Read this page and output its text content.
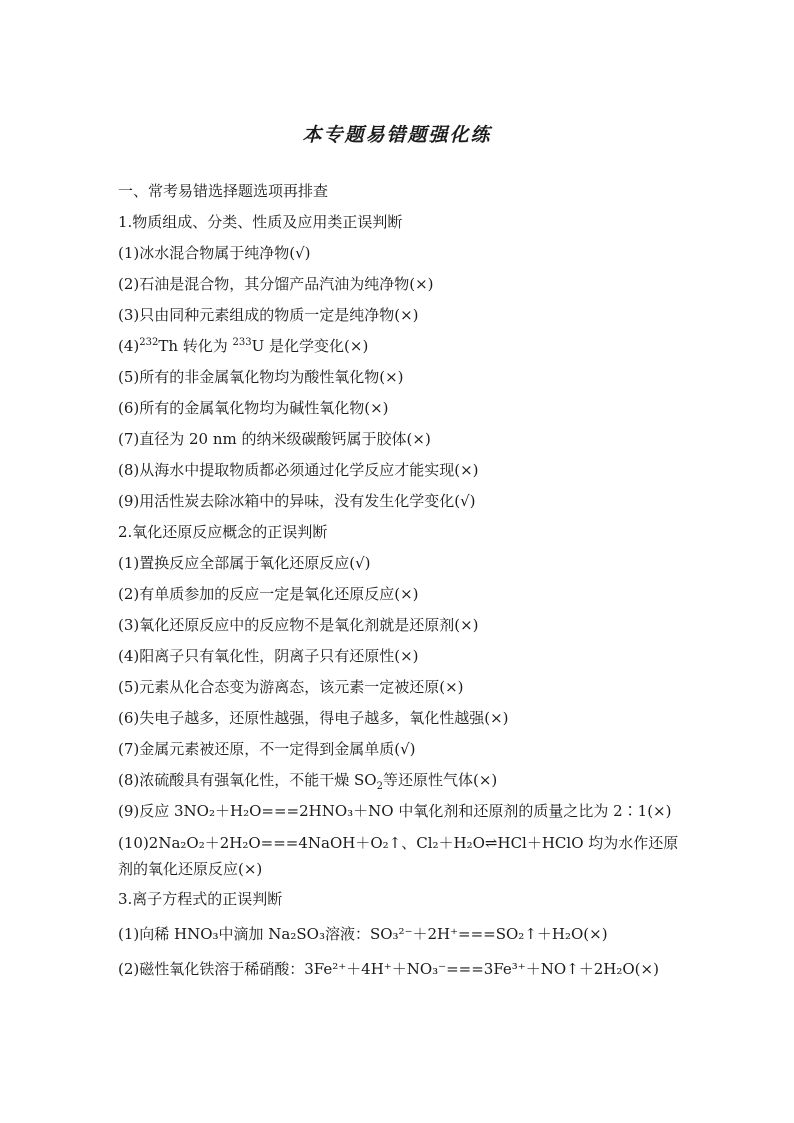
本专题易错题强化练

一、常考易错选择题选项再排查

1.物质组成、分类、性质及应用类正误判断

(1)冰水混合物属于纯净物(√)

(2)石油是混合物，其分馏产品汽油为纯净物(×)

(3)只由同种元素组成的物质一定是纯净物(×)

$(4)^{232}Th$ 转化为 $^{233}$U 是化学变化(×)

(5)所有的非金属氧化物均为酸性氧化物(×)

(6)所有的金属氧化物均为碱性氧化物(×)

(7)直径为 20 nm 的纳米级碳酸钙属于胶体(×)

(8)从海水中提取物质都必须通过化学反应才能实现(×)

(9)用活性炭去除冰箱中的异味，没有发生化学变化(√)

2.氧化还原反应概念的正误判断

(1)置换反应全部属于氧化还原反应(√)

(2)有单质参加的反应一定是氧化还原反应(×)

(3)氧化还原反应中的反应物不是氧化剂就是还原剂(×)

(4)阳离子只有氧化性，阴离子只有还原性(×)

(5)元素从化合态变为游离态，该元素一定被还原(×)

(6)失电子越多，还原性越强，得电子越多，氧化性越强(×)

(7)金属元素被还原，不一定得到金属单质(√)

(8)浓硫酸具有强氧化性，不能干燥 $SO_2$等还原性气体(×)

(9)反应 3NO₂＋H₂O===2HNO₃＋NO 中氧化剂和还原剂的质量之比为 2∶1(×)

(10)2Na₂O₂＋2H₂O===4NaOH＋O₂↑、Cl₂＋H₂O⇌HCl＋HClO 均为水作还原剂的氧化还原反应(×)

3.离子方程式的正误判断

(1)向稀 HNO₃中滴加 Na₂SO₃溶液：SO₃²⁻＋2H⁺===SO₂↑＋H₂O(×)

(2)磁性氧化铁溶于稀硝酸：3Fe²⁺＋4H⁺＋NO₃⁻===3Fe³⁺＋NO↑＋2H₂O(×)
